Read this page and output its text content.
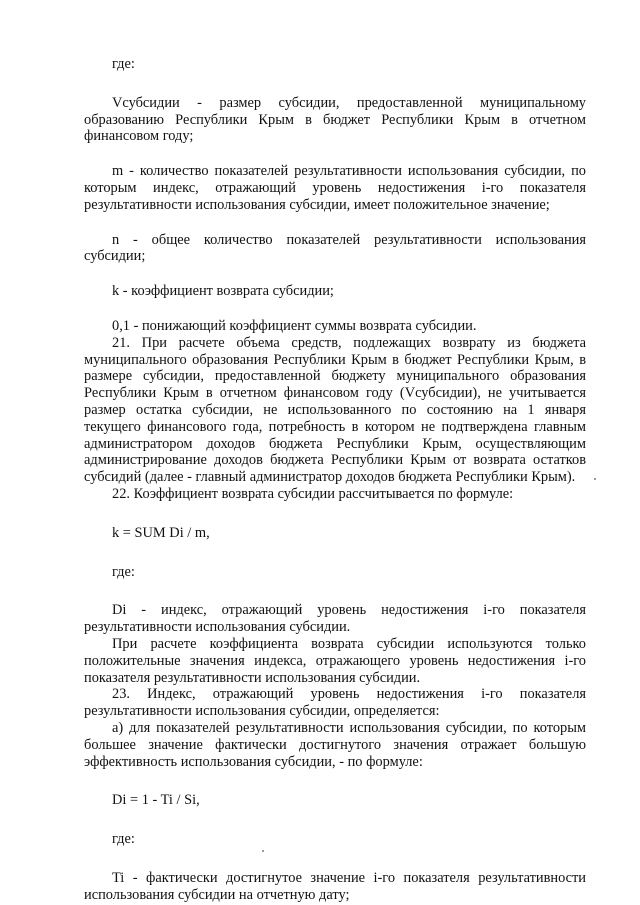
где:

Vсубсидии - размер субсидии, предоставленной муниципальному образованию Республики Крым в бюджет Республики Крым в отчетном финансовом году;

m - количество показателей результативности использования субсидии, по которым индекс, отражающий уровень недостижения i-го показателя результативности использования субсидии, имеет положительное значение;

n - общее количество показателей результативности использования субсидии;

k - коэффициент возврата субсидии;

0,1 - понижающий коэффициент суммы возврата субсидии.

21. При расчете объема средств, подлежащих возврату из бюджета муниципального образования Республики Крым в бюджет Республики Крым, в размере субсидии, предоставленной бюджету муниципального образования Республики Крым в отчетном финансовом году (Vсубсидии), не учитывается размер остатка субсидии, не использованного по состоянию на 1 января текущего финансового года, потребность в котором не подтверждена главным администратором доходов бюджета Республики Крым, осуществляющим администрирование доходов бюджета Республики Крым от возврата остатков субсидий (далее - главный администратор доходов бюджета Республики Крым).

22. Коэффициент возврата субсидии рассчитывается по формуле:

k = SUM Di / m,

где:

Di - индекс, отражающий уровень недостижения i-го показателя результативности использования субсидии.

При расчете коэффициента возврата субсидии используются только положительные значения индекса, отражающего уровень недостижения i-го показателя результативности использования субсидии.

23. Индекс, отражающий уровень недостижения i-го показателя результативности использования субсидии, определяется:

а) для показателей результативности использования субсидии, по которым большее значение фактически достигнутого значения отражает большую эффективность использования субсидии, - по формуле:

Di = 1 - Ti / Si,

где:

Ti - фактически достигнутое значение i-го показателя результативности использования субсидии на отчетную дату;
